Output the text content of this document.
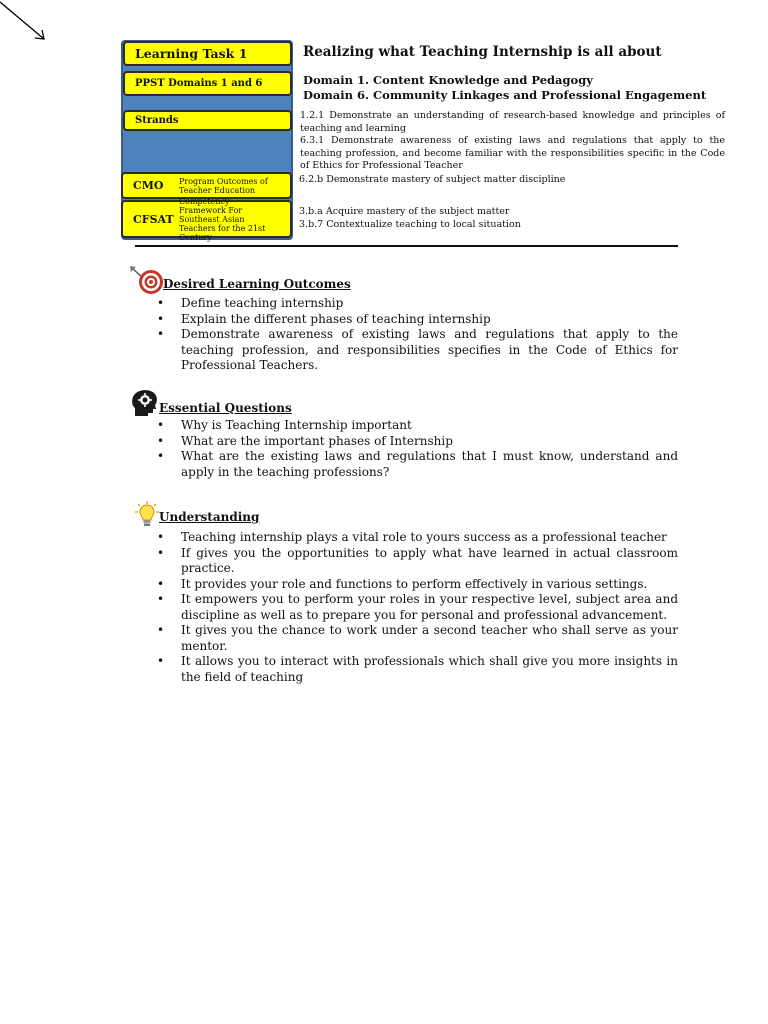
Learning Task 1
PPST Domains 1 and 6
Strands
CMO	Program Outcomes of Teacher Education
CFSAT
Competency Framework For Southeast Asian Teachers for the 21st Century
Realizing what Teaching Internship is all about
Domain 1. Content Knowledge and Pedagogy
Domain 6. Community Linkages and Professional Engagement

1.2.1 Demonstrate an understanding of research-based knowledge and principles of teaching and learning

6.3.1 Demonstrate awareness of existing laws and regulations that apply to the teaching profession, and become familiar with the responsibilities specific in the Code of Ethics for Professional Teacher

6.2.b Demonstrate mastery of subject matter discipline
3.b.a Acquire mastery of the subject matter
3.b.7 Contextualize teaching to local situation
Desired Learning Outcomes
• Define teaching internship
• Explain the different phases of teaching internship
• Demonstrate awareness of existing laws and regulations that apply to the teaching profession, and responsibilities specifies in the Code of Ethics for Professional Teachers.
Essential Questions
• Why is Teaching Internship important
• What are the important phases of Internship
• What are the existing laws and regulations that I must know, understand and apply in the teaching professions?
Understanding
• Teaching internship plays a vital role to yours success as a professional teacher
• If gives you the opportunities to apply what have learned in actual classroom practice.
• It provides your role and functions to perform effectively in various settings.
• It empowers you to perform your roles in your respective level, subject area and discipline as well as to prepare you for personal and professional advancement.
• It gives you the chance to work under a second teacher who shall serve as your mentor.
• It allows you to interact with professionals which shall give you more insights in the field of teaching
